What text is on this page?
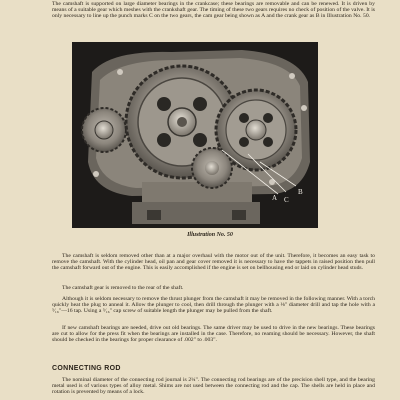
The camshaft is supported on large diameter bearings in the crankcase; these bearings are removable and can be renewed. It is driven by means of a suitable gear which meshes with the crankshaft gear. The timing of these two gears requires no check of position of the valve. It is only necessary to line up the punch marks C on the two gears, the cam gear being shown as A and the crank gear as B in Illustration No. 50.

C
B
A

Illustration No. 50

The camshaft is seldom removed other than at a major overhaul with the motor out of the unit. Therefore, it becomes an easy task to remove the camshaft. With the cylinder head, oil pan and gear cover removed it is necessary to have the tappets in raised position then pull the camshaft forward out of the engine. This is easily accomplished if the engine is set on bellhousing end or laid on cylinder head studs.

The camshaft gear is removed to the rear of the shaft.

Although it is seldom necessary to remove the thrust plunger from the camshaft it may be removed in the following manner. With a torch quickly heat the plug to anneal it. Allow the plunger to cool, then drill through the plunger with a ⅛" diameter drill and tap the hole with a ⁵⁄₁₆"—16 tap. Using a ⁵⁄₁₆" cap screw of suitable length the plunger may be pulled from the shaft.

If new camshaft bearings are needed, drive out old bearings. The same driver may be used to drive in the new bearings. These bearings are cut to allow for the press fit when the bearings are installed in the case. Therefore, no reaming should be necessary. However, the shaft should be checked in the bearings for proper clearance of .002" to .003".

CONNECTING ROD

The nominal diameter of the connecting rod journal is 2¼". The connecting rod bearings are of the precision shell type, and the bearing metal used is of various types of alloy metal. Shims are not used between the connecting rod and the cap. The shells are held in place and rotation is prevented by means of a lock.
